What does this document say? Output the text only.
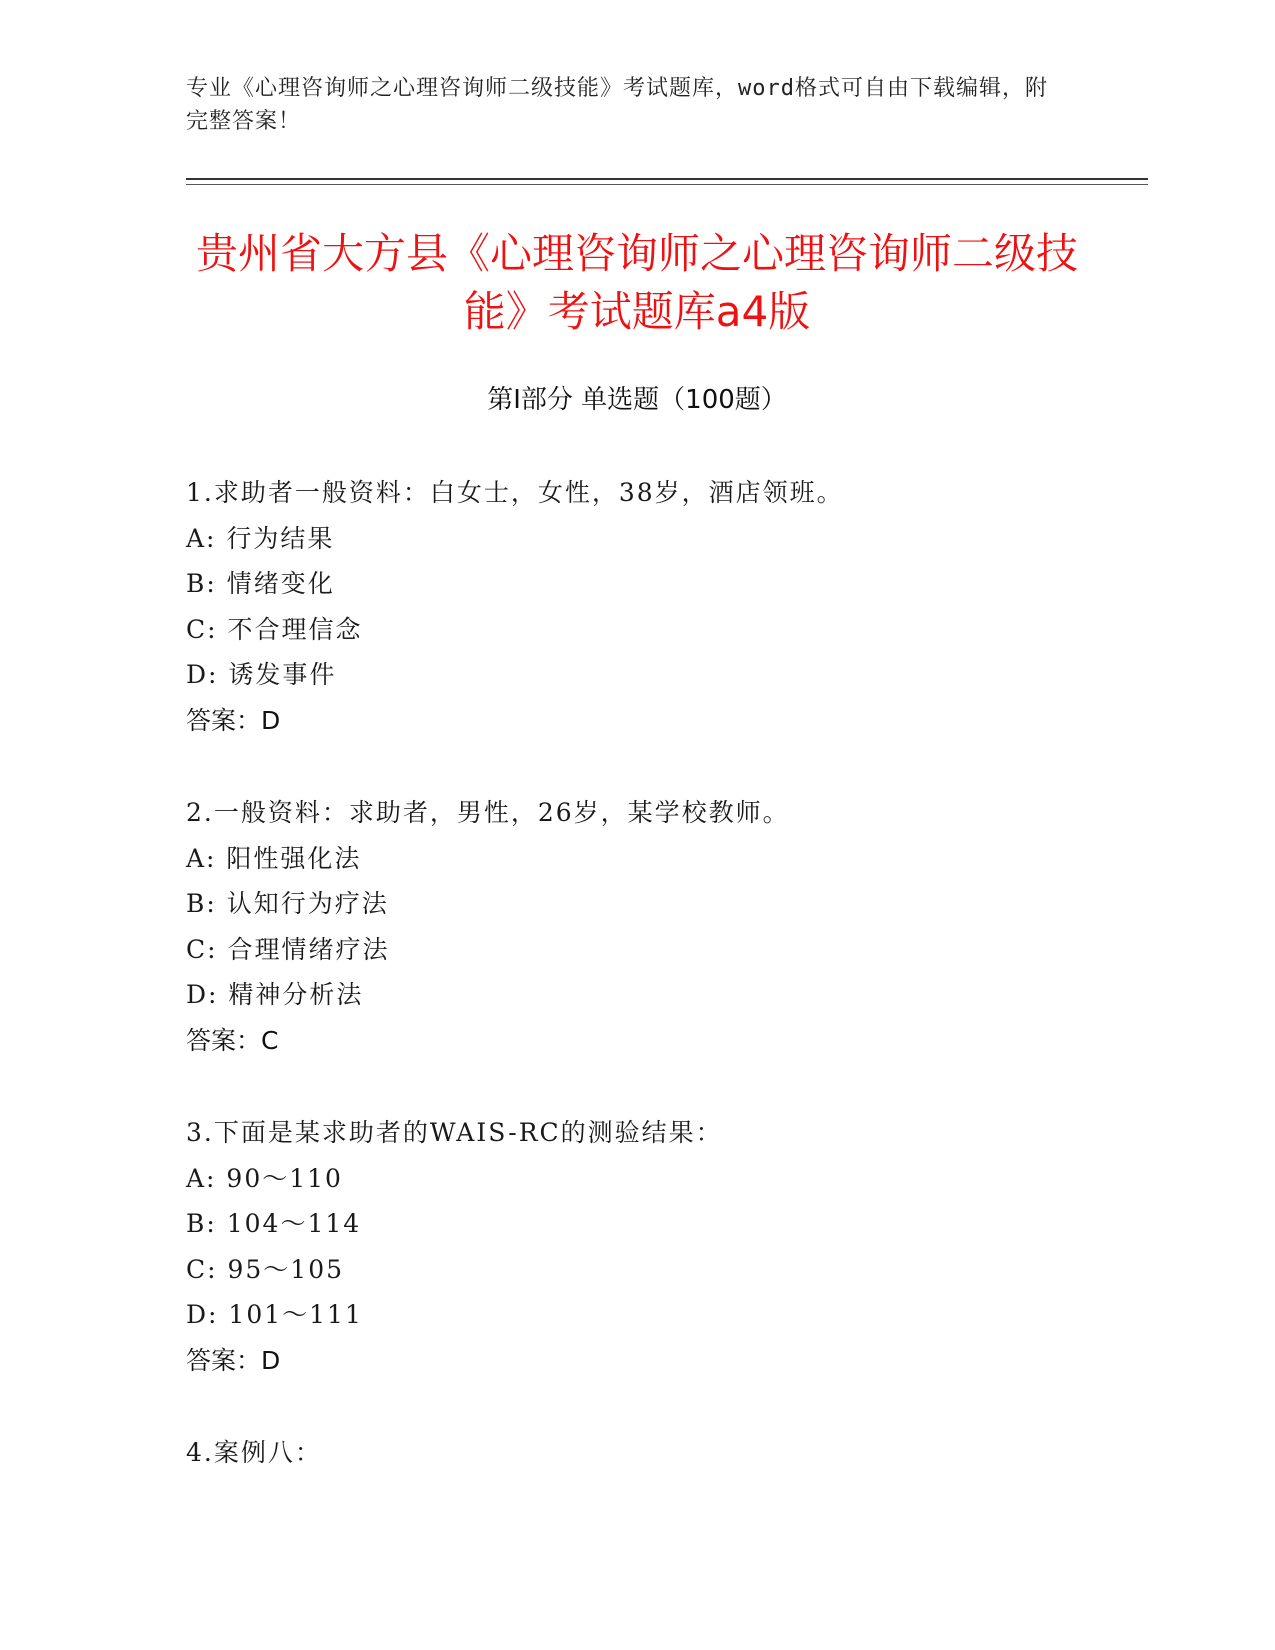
专业《心理咨询师之心理咨询师二级技能》考试题库，word格式可自由下载编辑，附完整答案！
贵州省大方县《心理咨询师之心理咨询师二级技能》考试题库a4版
第Ⅰ部分 单选题（100题）
1.求助者一般资料：白女士，女性，38岁，酒店领班。
A: 行为结果
B: 情绪变化
C: 不合理信念
D: 诱发事件
答案：D
2.一般资料：求助者，男性，26岁，某学校教师。
A: 阳性强化法
B: 认知行为疗法
C: 合理情绪疗法
D: 精神分析法
答案：C
3.下面是某求助者的WAIS-RC的测验结果：
A: 90～110
B: 104～114
C: 95～105
D: 101～111
答案：D
4.案例八：
